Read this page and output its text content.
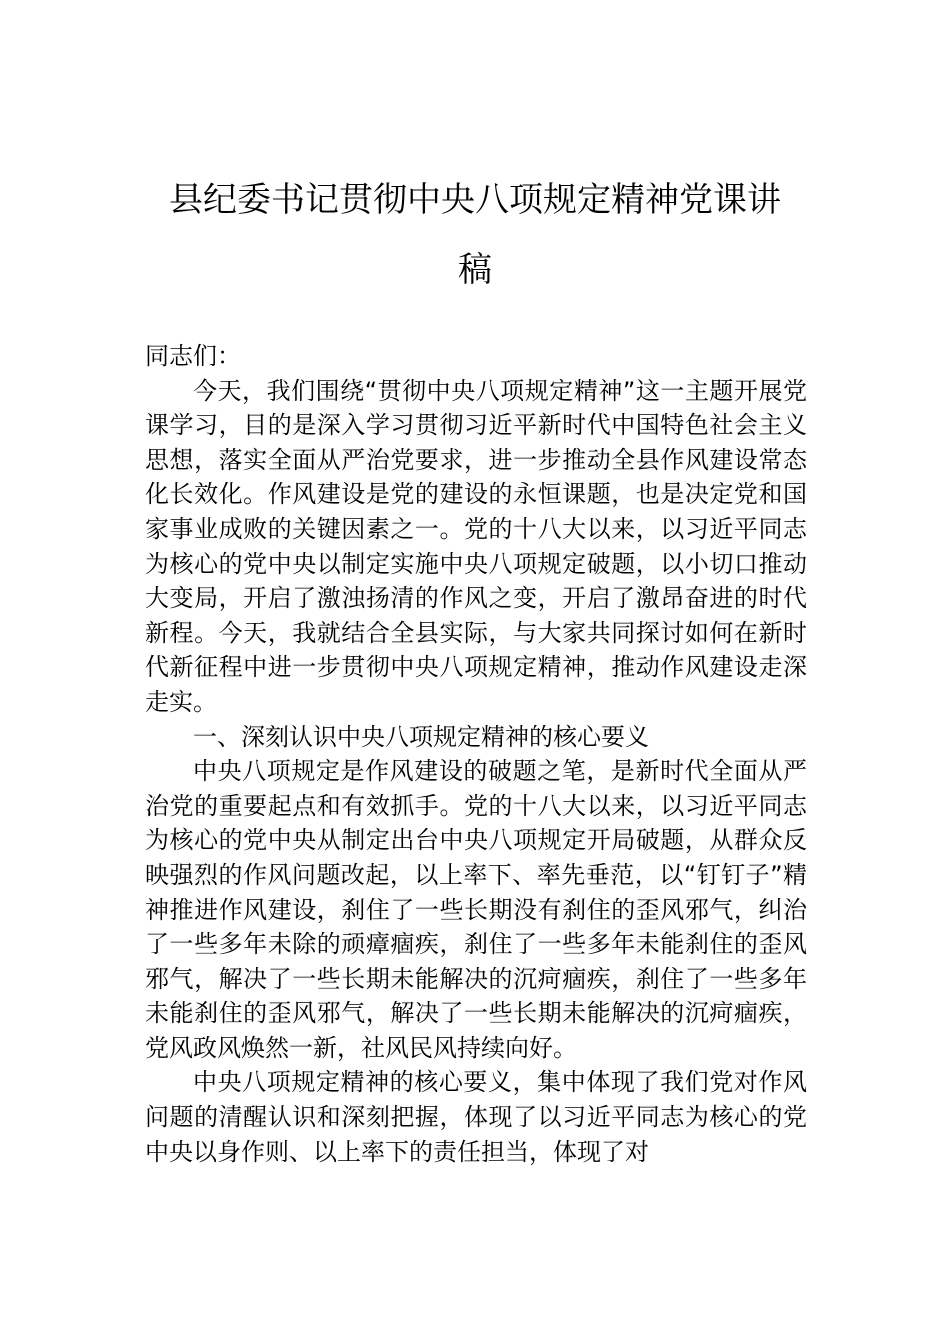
县纪委书记贯彻中央八项规定精神党课讲
稿

同志们：

今天，我们围绕“贯彻中央八项规定精神”这一主题开展党课学习，目的是深入学习贯彻习近平新时代中国特色社会主义思想，落实全面从严治党要求，进一步推动全县作风建设常态化长效化。作风建设是党的建设的永恒课题，也是决定党和国家事业成败的关键因素之一。党的十八大以来，以习近平同志为核心的党中央以制定实施中央八项规定破题，以小切口推动大变局，开启了激浊扬清的作风之变，开启了激昂奋进的时代新程。今天，我就结合全县实际，与大家共同探讨如何在新时代新征程中进一步贯彻中央八项规定精神，推动作风建设走深走实。

一、深刻认识中央八项规定精神的核心要义

中央八项规定是作风建设的破题之笔，是新时代全面从严治党的重要起点和有效抓手。党的十八大以来，以习近平同志为核心的党中央从制定出台中央八项规定开局破题，从群众反映强烈的作风问题改起，以上率下、率先垂范，以“钉钉子”精神推进作风建设，刹住了一些长期没有刹住的歪风邪气，纠治了一些多年未除的顽瘴痼疾，刹住了一些多年未能刹住的歪风邪气，解决了一些长期未能解决的沉疴痼疾，刹住了一些多年未能刹住的歪风邪气，解决了一些长期未能解决的沉疴痼疾，党风政风焕然一新，社风民风持续向好。

中央八项规定精神的核心要义，集中体现了我们党对作风问题的清醒认识和深刻把握，体现了以习近平同志为核心的党中央以身作则、以上率下的责任担当，体现了对
